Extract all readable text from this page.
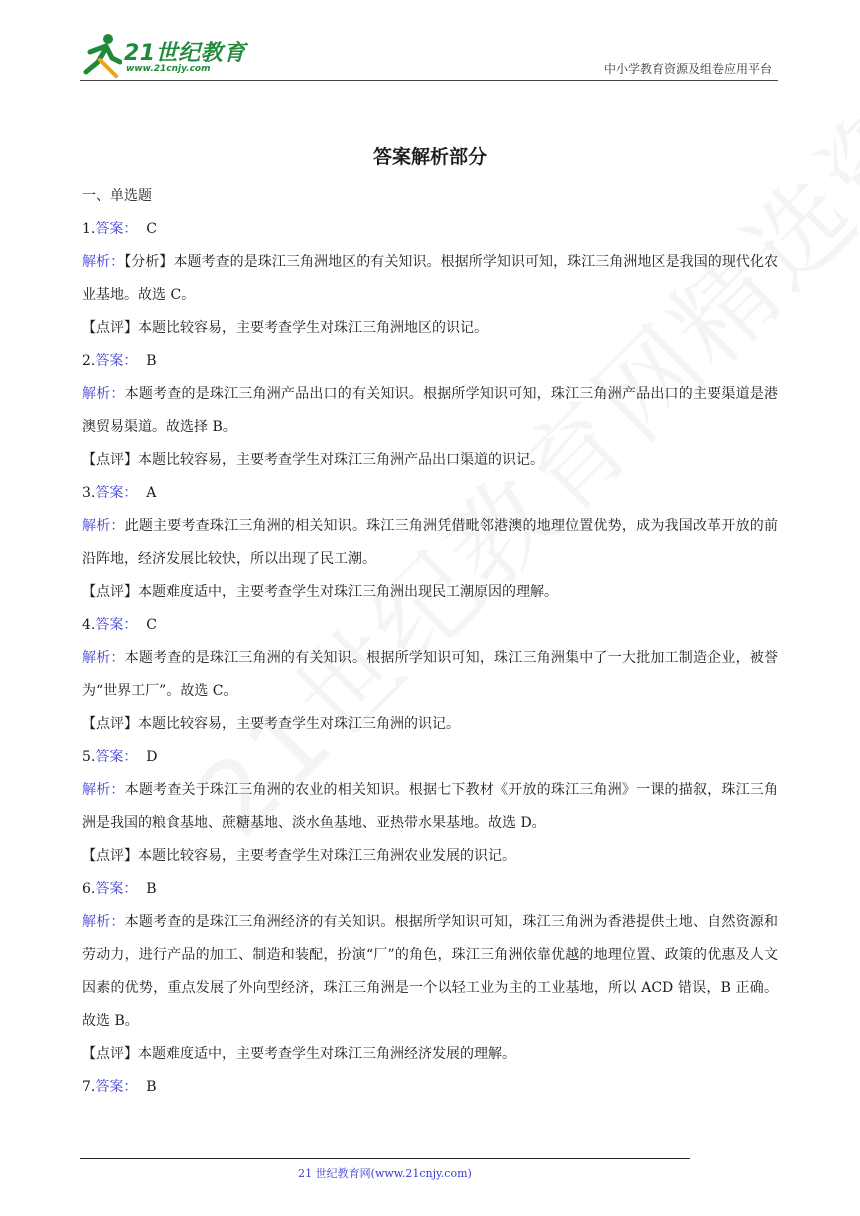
21世纪教育
www.21cnjy.com	中小学教育资源及组卷应用平台
答案解析部分

一、单选题

1.答案： C

解析：【分析】本题考查的是珠江三角洲地区的有关知识。根据所学知识可知，珠江三角洲地区是我国的现代化农业基地。故选 C。

【点评】本题比较容易，主要考查学生对珠江三角洲地区的识记。

2.答案： B

解析：本题考查的是珠江三角洲产品出口的有关知识。根据所学知识可知，珠江三角洲产品出口的主要渠道是港澳贸易渠道。故选择 B。

【点评】本题比较容易，主要考查学生对珠江三角洲产品出口渠道的识记。

3.答案： A

解析：此题主要考查珠江三角洲的相关知识。珠江三角洲凭借毗邻港澳的地理位置优势，成为我国改革开放的前沿阵地，经济发展比较快，所以出现了民工潮。

【点评】本题难度适中，主要考查学生对珠江三角洲出现民工潮原因的理解。

4.答案： C

解析：本题考查的是珠江三角洲的有关知识。根据所学知识可知，珠江三角洲集中了一大批加工制造企业，被誉为“世界工厂”。故选 C。

【点评】本题比较容易，主要考查学生对珠江三角洲的识记。

5.答案： D

解析：本题考查关于珠江三角洲的农业的相关知识。根据七下教材《开放的珠江三角洲》一课的描叙，珠江三角洲是我国的粮食基地、蔗糖基地、淡水鱼基地、亚热带水果基地。故选 D。

【点评】本题比较容易，主要考查学生对珠江三角洲农业发展的识记。

6.答案： B

解析：本题考查的是珠江三角洲经济的有关知识。根据所学知识可知，珠江三角洲为香港提供土地、自然资源和劳动力，进行产品的加工、制造和装配，扮演“厂”的角色，珠江三角洲依靠优越的地理位置、政策的优惠及人文因素的优势，重点发展了外向型经济，珠江三角洲是一个以轻工业为主的工业基地，所以 ACD 错误，B 正确。故选 B。

【点评】本题难度适中，主要考查学生对珠江三角洲经济发展的理解。

7.答案： B

21 世纪教育网(www.21cnjy.com)
